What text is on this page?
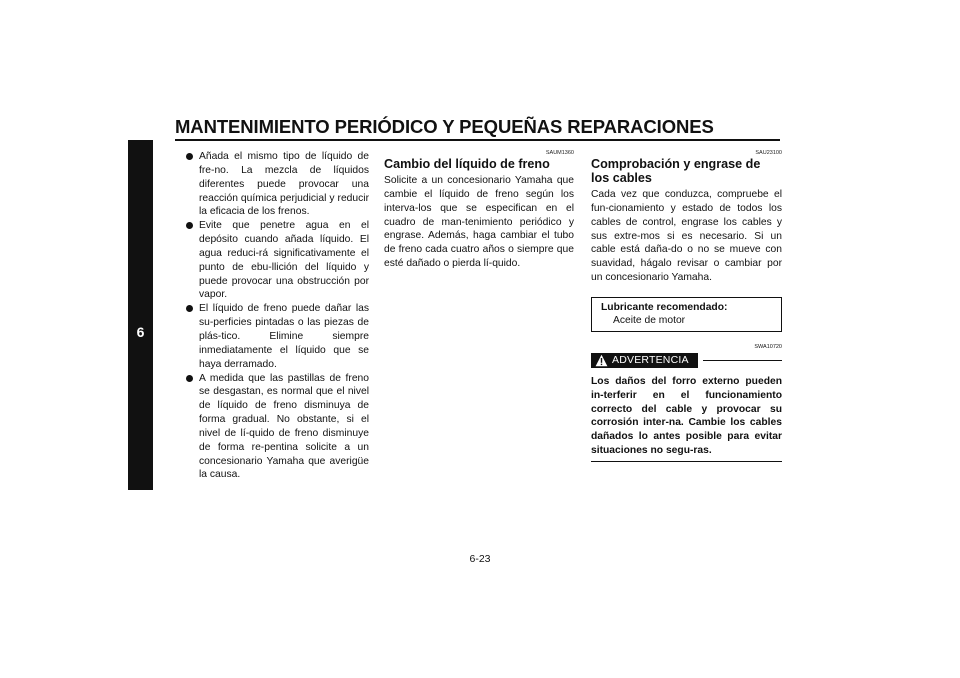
MANTENIMIENTO PERIÓDICO Y PEQUEÑAS REPARACIONES
6
Añada el mismo tipo de líquido de fre-no. La mezcla de líquidos diferentes puede provocar una reacción química perjudicial y reducir la eficacia de los frenos.
Evite que penetre agua en el depósito cuando añada líquido. El agua reduci-rá significativamente el punto de ebu-llición del líquido y puede provocar una obstrucción por vapor.
El líquido de freno puede dañar las su-perficies pintadas o las piezas de plás-tico. Elimine siempre inmediatamente el líquido que se haya derramado.
A medida que las pastillas de freno se desgastan, es normal que el nivel de líquido de freno disminuya de forma gradual. No obstante, si el nivel de lí-quido de freno disminuye de forma re-pentina solicite a un concesionario Yamaha que averigüe la causa.
SAUM1360
Cambio del líquido de freno

Solicite a un concesionario Yamaha que cambie el líquido de freno según los interva-los que se especifican en el cuadro de man-tenimiento periódico y engrase. Además, haga cambiar el tubo de freno cada cuatro años o siempre que esté dañado o pierda lí-quido.

SAU23100
Comprobación y engrase de los cables

Cada vez que conduzca, compruebe el fun-cionamiento y estado de todos los cables de control, engrase los cables y sus extre-mos si es necesario. Si un cable está daña-do o no se mueve con suavidad, hágalo revisar o cambiar por un concesionario Yamaha.

Lubricante recomendado:
Aceite de motor
SWA10720
ADVERTENCIA
Los daños del forro externo pueden in-terferir en el funcionamiento correcto del cable y provocar su corrosión inter-na. Cambie los cables dañados lo antes posible para evitar situaciones no segu-ras.
6-23
